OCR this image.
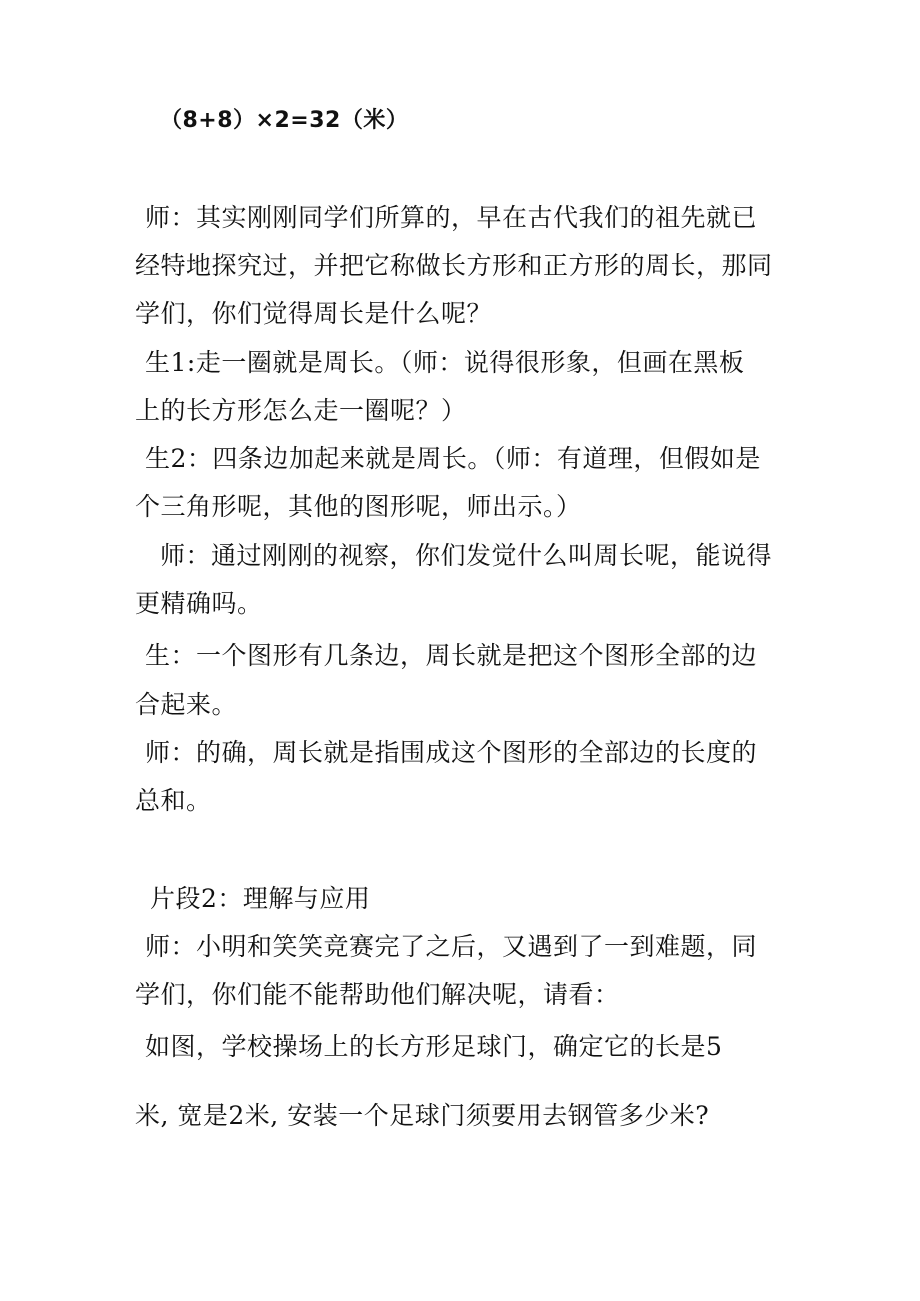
（8+8）×2=32（米）
师：其实刚刚同学们所算的，早在古代我们的祖先就已
经特地探究过，并把它称做长方形和正方形的周长，那同
学们，你们觉得周长是什么呢？
生1:走一圈就是周长。（师：说得很形象，但画在黑板
上的长方形怎么走一圈呢？）
生2：四条边加起来就是周长。（师：有道理，但假如是
个三角形呢，其他的图形呢，师出示。）
师：通过刚刚的视察，你们发觉什么叫周长呢，能说得
更精确吗。
生：一个图形有几条边，周长就是把这个图形全部的边
合起来。
师：的确，周长就是指围成这个图形的全部边的长度的
总和。
片段2：理解与应用
师：小明和笑笑竞赛完了之后，又遇到了一到难题，同
学们，你们能不能帮助他们解决呢，请看：
如图，学校操场上的长方形足球门，确定它的长是5
米, 宽是2米, 安装一个足球门须要用去钢管多少米?
